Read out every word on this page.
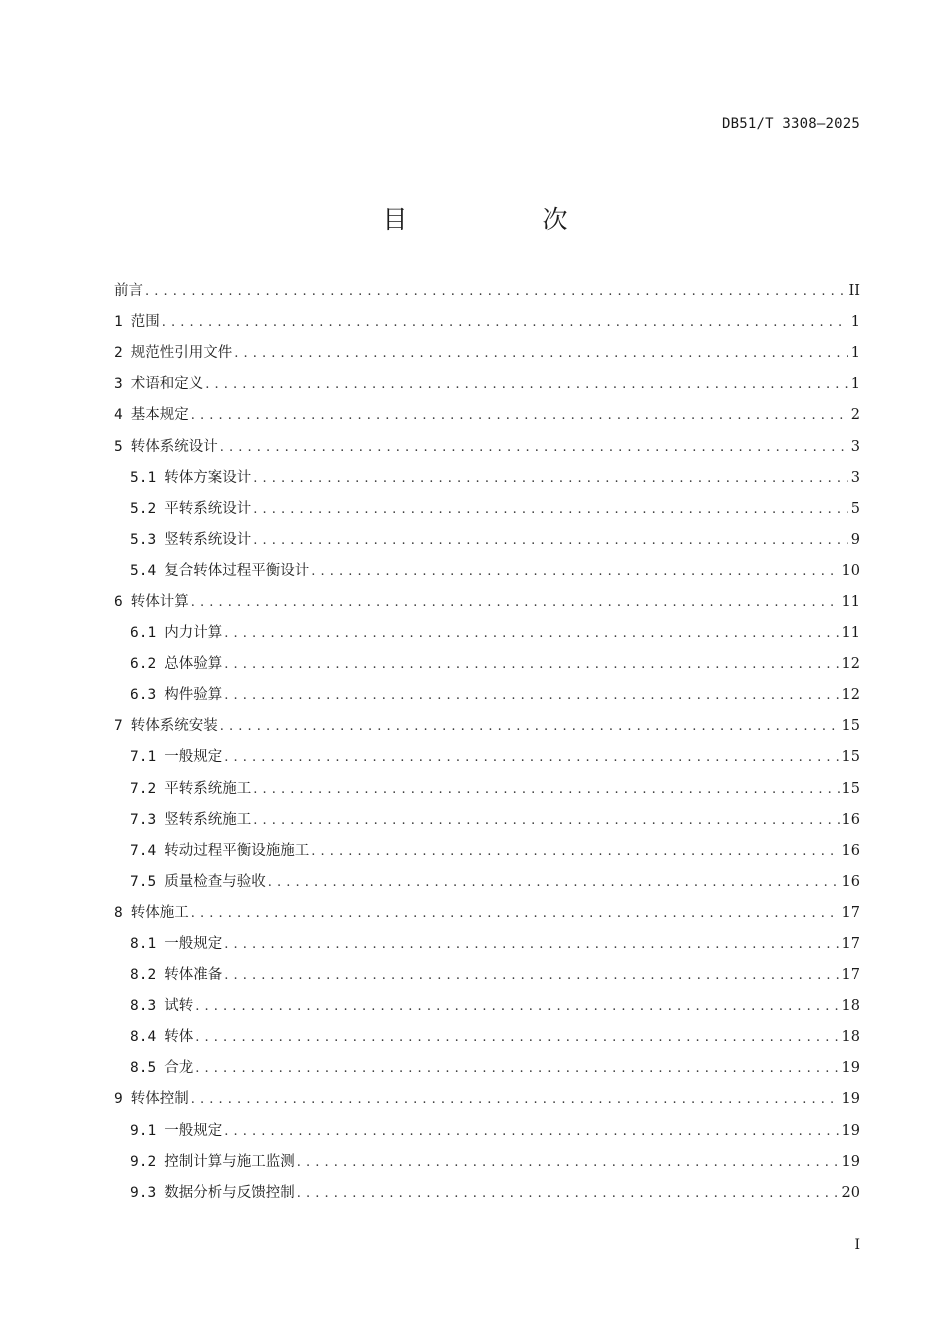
DB51/T 3308—2025
目　次
前言 . . .	II
1 范围 . . .	1
2 规范性引用文件 . . .	1
3 术语和定义 . . .	1
4 基本规定 . . .	2
5 转体系统设计 . . .	3
5.1 转体方案设计 . . .	3
5.2 平转系统设计 . . .	5
5.3 竖转系统设计 . . .	9
5.4 复合转体过程平衡设计 . . .	10
6 转体计算 . . .	11
6.1 内力计算 . . .	11
6.2 总体验算 . . .	12
6.3 构件验算 . . .	12
7 转体系统安装 . . .	15
7.1 一般规定 . . .	15
7.2 平转系统施工 . . .	15
7.3 竖转系统施工 . . .	16
7.4 转动过程平衡设施施工 . . .	16
7.5 质量检查与验收 . . .	16
8 转体施工 . . .	17
8.1 一般规定 . . .	17
8.2 转体准备 . . .	17
8.3 试转 . . .	18
8.4 转体 . . .	18
8.5 合龙 . . .	19
9 转体控制 . . .	19
9.1 一般规定 . . .	19
9.2 控制计算与施工监测 . . .	19
9.3 数据分析与反馈控制 . . .	20
I
